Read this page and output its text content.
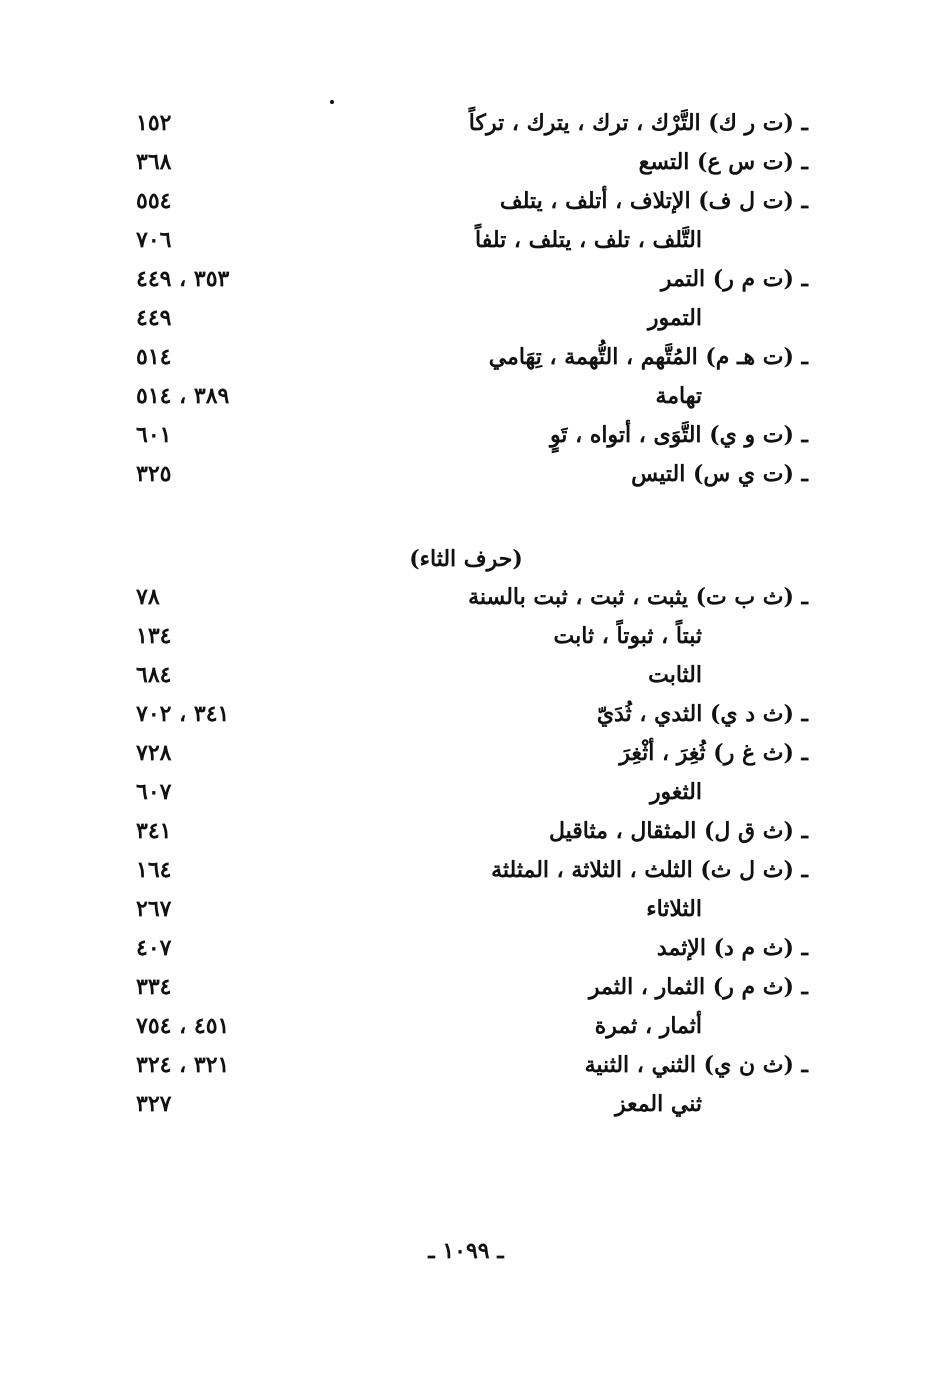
ـ (ت ر ك) التَّرْك ، ترك ، يترك ، تركاً
١٥٢
ـ (ت س ع) التسع
٣٦٨
ـ (ت ل ف) الإتلاف ، أتلف ، يتلف
٥٥٤
التَّلف ، تلف ، يتلف ، تلفاً
٧٠٦
ـ (ت م ر) التمر
٣٥٣ ، ٤٤٩
التمور
٤٤٩
ـ (ت هـ م) المُتَّهم ، التُّهمة ، تِهَامي
٥١٤
تهامة
٣٨٩ ، ٥١٤
ـ (ت و ي) التَّوَى ، أتواه ، تَوٍ
٦٠١
ـ (ت ي س) التيس
٣٢٥
(حرف الثاء)
ـ (ث ب ت) يثبت ، ثبت ، ثبت بالسنة
٧٨
ثبتاً ، ثبوتاً ، ثابت
١٣٤
الثابت
٦٨٤
ـ (ث د ي) الثدي ، ثُدَيّ
٣٤١ ، ٧٠٢
ـ (ث غ ر) ثُغِرَ ، أثْغِرَ
٧٢٨
الثغور
٦٠٧
ـ (ث ق ل) المثقال ، مثاقيل
٣٤١
ـ (ث ل ث) الثلث ، الثلاثة ، المثلثة
١٦٤
الثلاثاء
٢٦٧
ـ (ث م د) الإثمد
٤٠٧
ـ (ث م ر) الثمار ، الثمر
٣٣٤
أثمار ، ثمرة
٤٥١ ، ٧٥٤
ـ (ث ن ي) الثني ، الثنية
٣٢١ ، ٣٢٤
ثني المعز
٣٢٧
ـ ١٠٩٩ ـ
